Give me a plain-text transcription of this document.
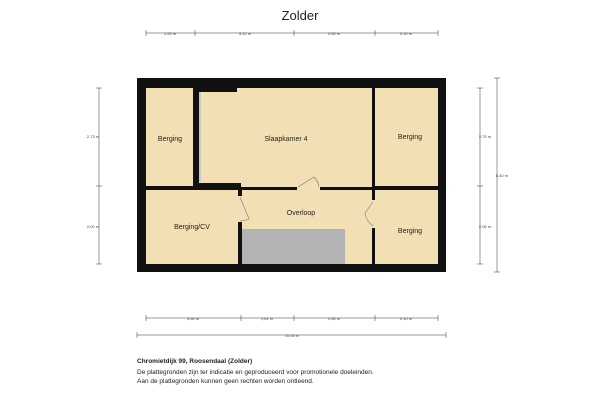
Zolder
Berging	Slaapkamer 4	Berging
Berging/CV
Overloop
Berging
1,53 m	3,12 m	2,55 m	2,10 m
3,94 m	1,61 m	2,55 m	2,10 m
10,16 m
2,73 m
2,00 m
2,75 m
2,06 m
5,40 m
Chromietdijk 99, Roosendaal (Zolder)
De plattegronden zijn ter indicatie en geproduceerd voor promotionele doeleinden.
Aan de plattegronden kunnen geen rechten worden ontleend.
